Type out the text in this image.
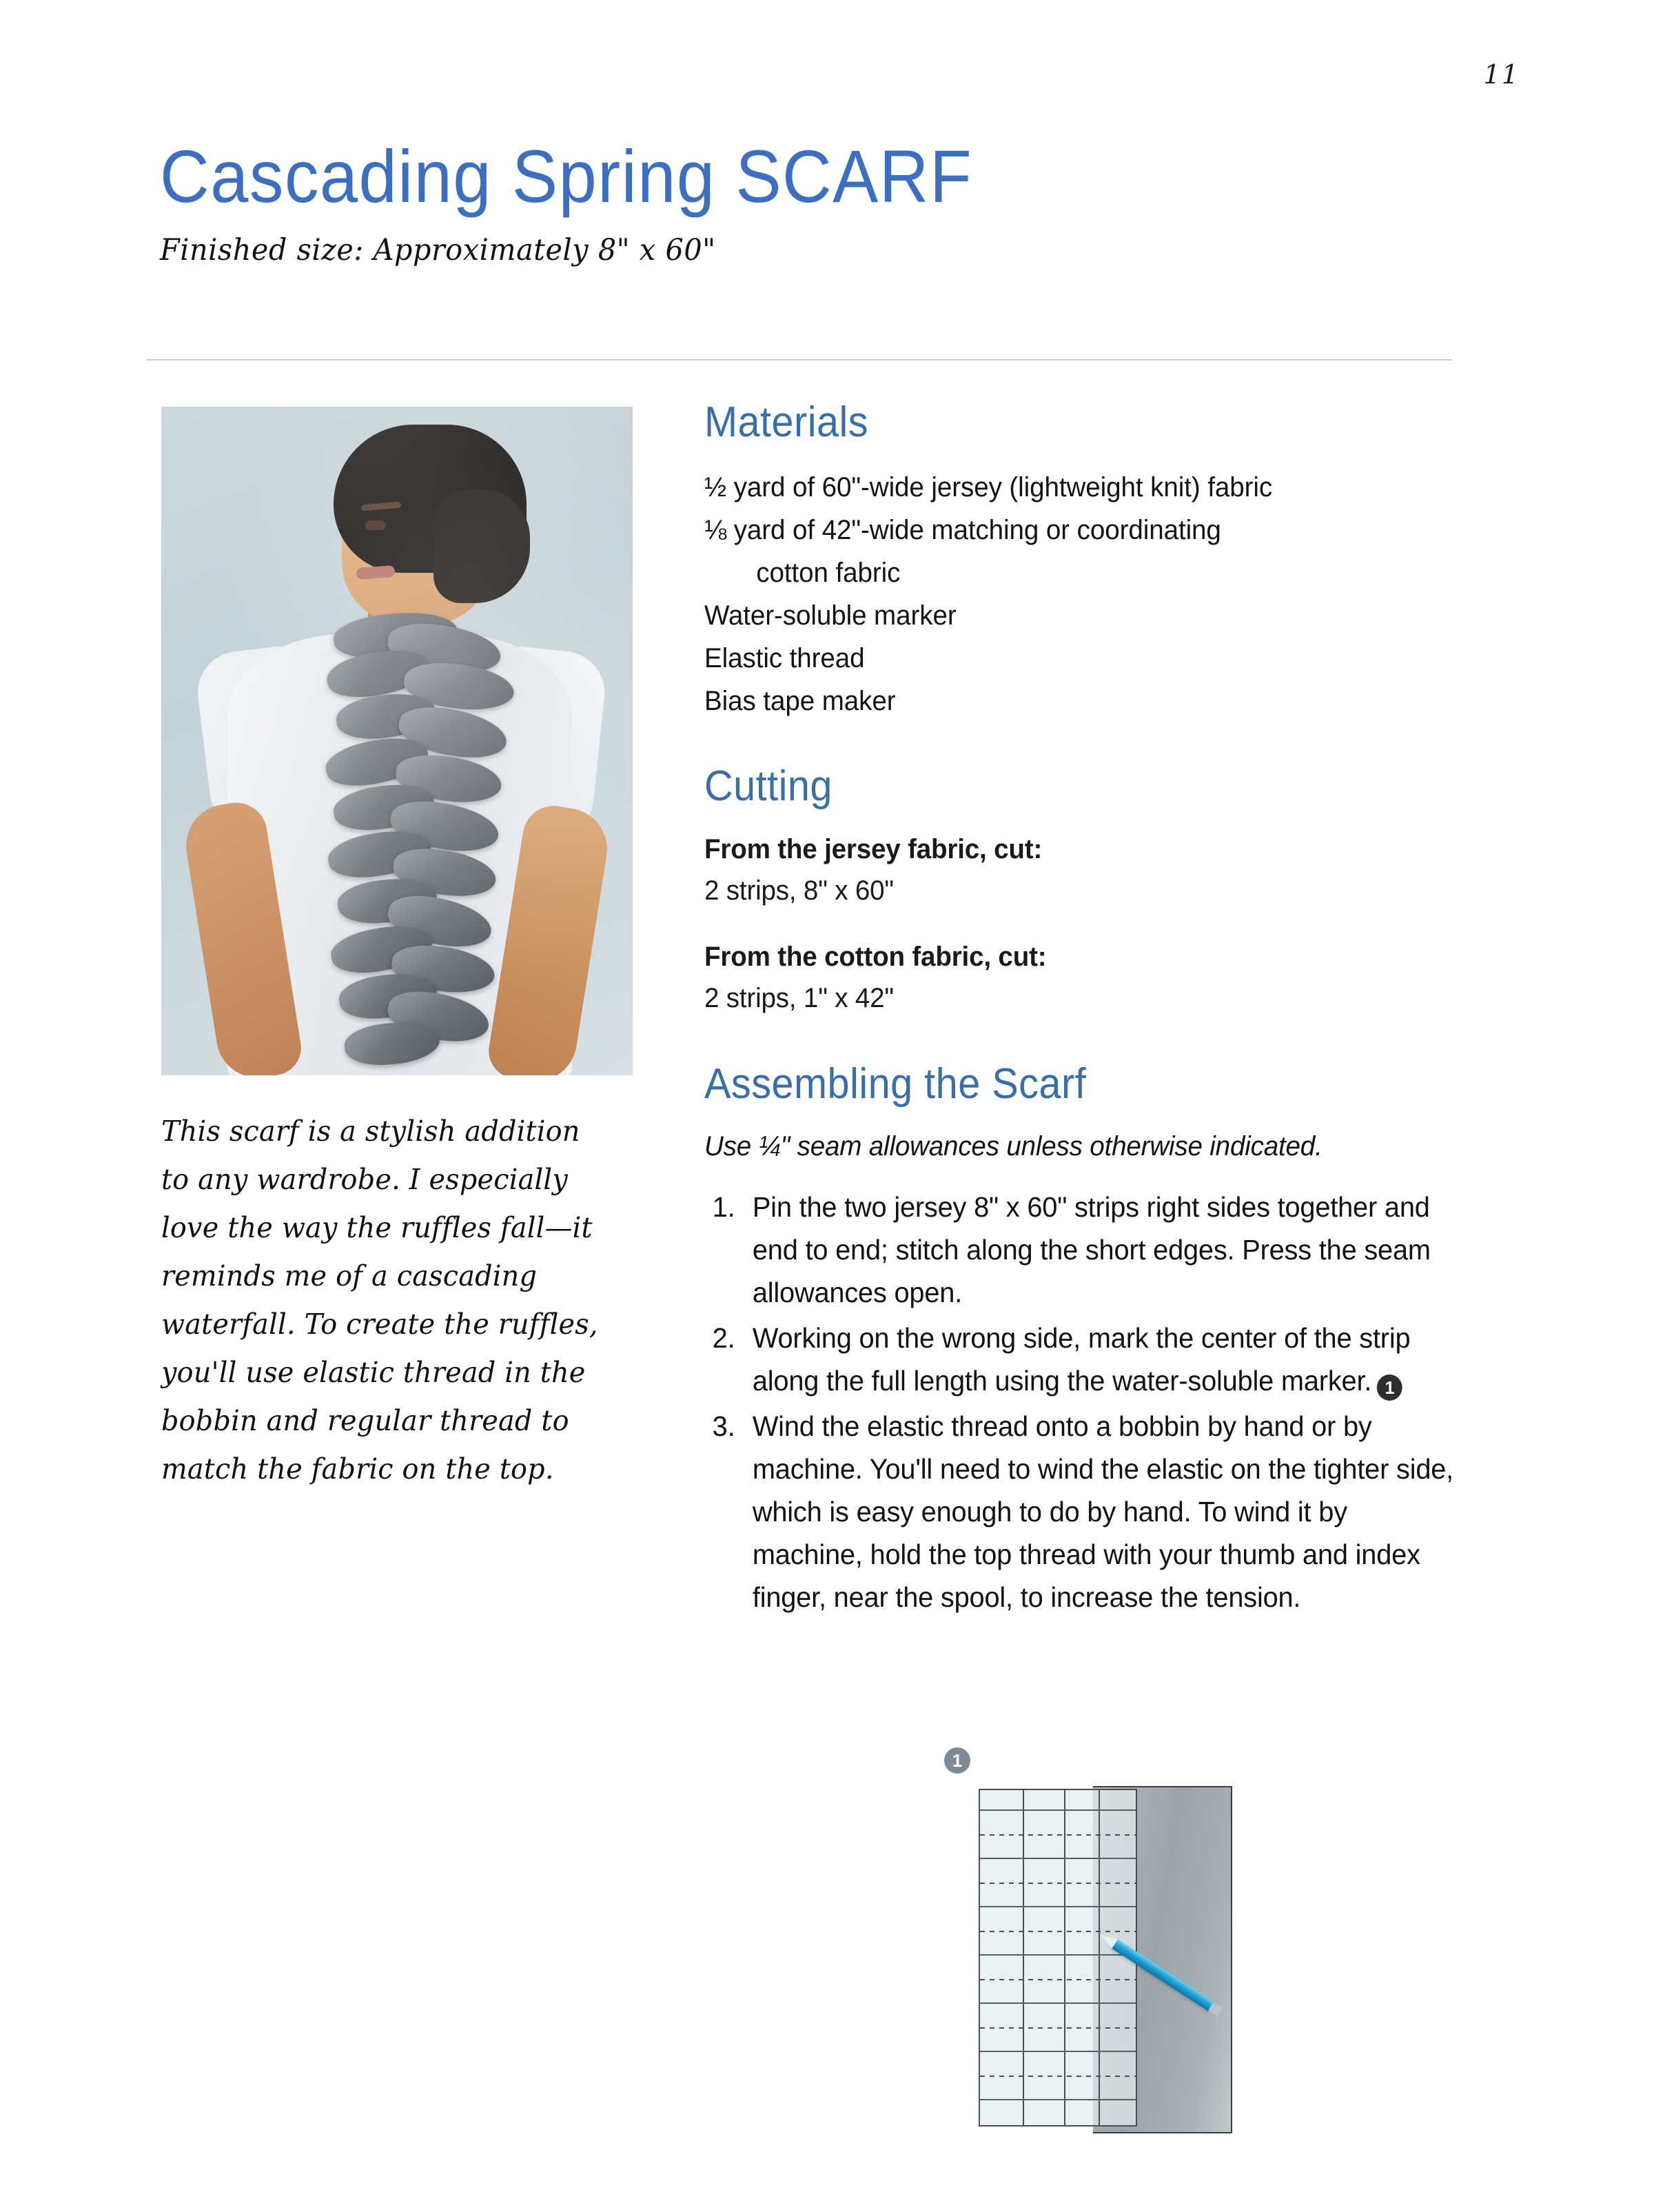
11
Cascading Spring SCARF
Finished size: Approximately 8" x 60"
This scarf is a stylish addition to any wardrobe. I especially love the way the ruffles fall—it reminds me of a cascading waterfall. To create the ruffles, you'll use elastic thread in the bobbin and regular thread to match the fabric on the top.
Materials
½ yard of 60"-wide jersey (lightweight knit) fabric
⅛ yard of 42"-wide matching or coordinating
cotton fabric
Water-soluble marker
Elastic thread
Bias tape maker
Cutting
From the jersey fabric, cut:
2 strips, 8" x 60"
From the cotton fabric, cut:
2 strips, 1" x 42"
Assembling the Scarf
Use ¼" seam allowances unless otherwise indicated.
1. Pin the two jersey 8" x 60" strips right sides together and end to end; stitch along the short edges. Press the seam allowances open.
2. Working on the wrong side, mark the center of the strip along the full length using the water-soluble marker. 1
3. Wind the elastic thread onto a bobbin by hand or by machine. You'll need to wind the elastic on the tighter side, which is easy enough to do by hand. To wind it by machine, hold the top thread with your thumb and index finger, near the spool, to increase the tension.
1
